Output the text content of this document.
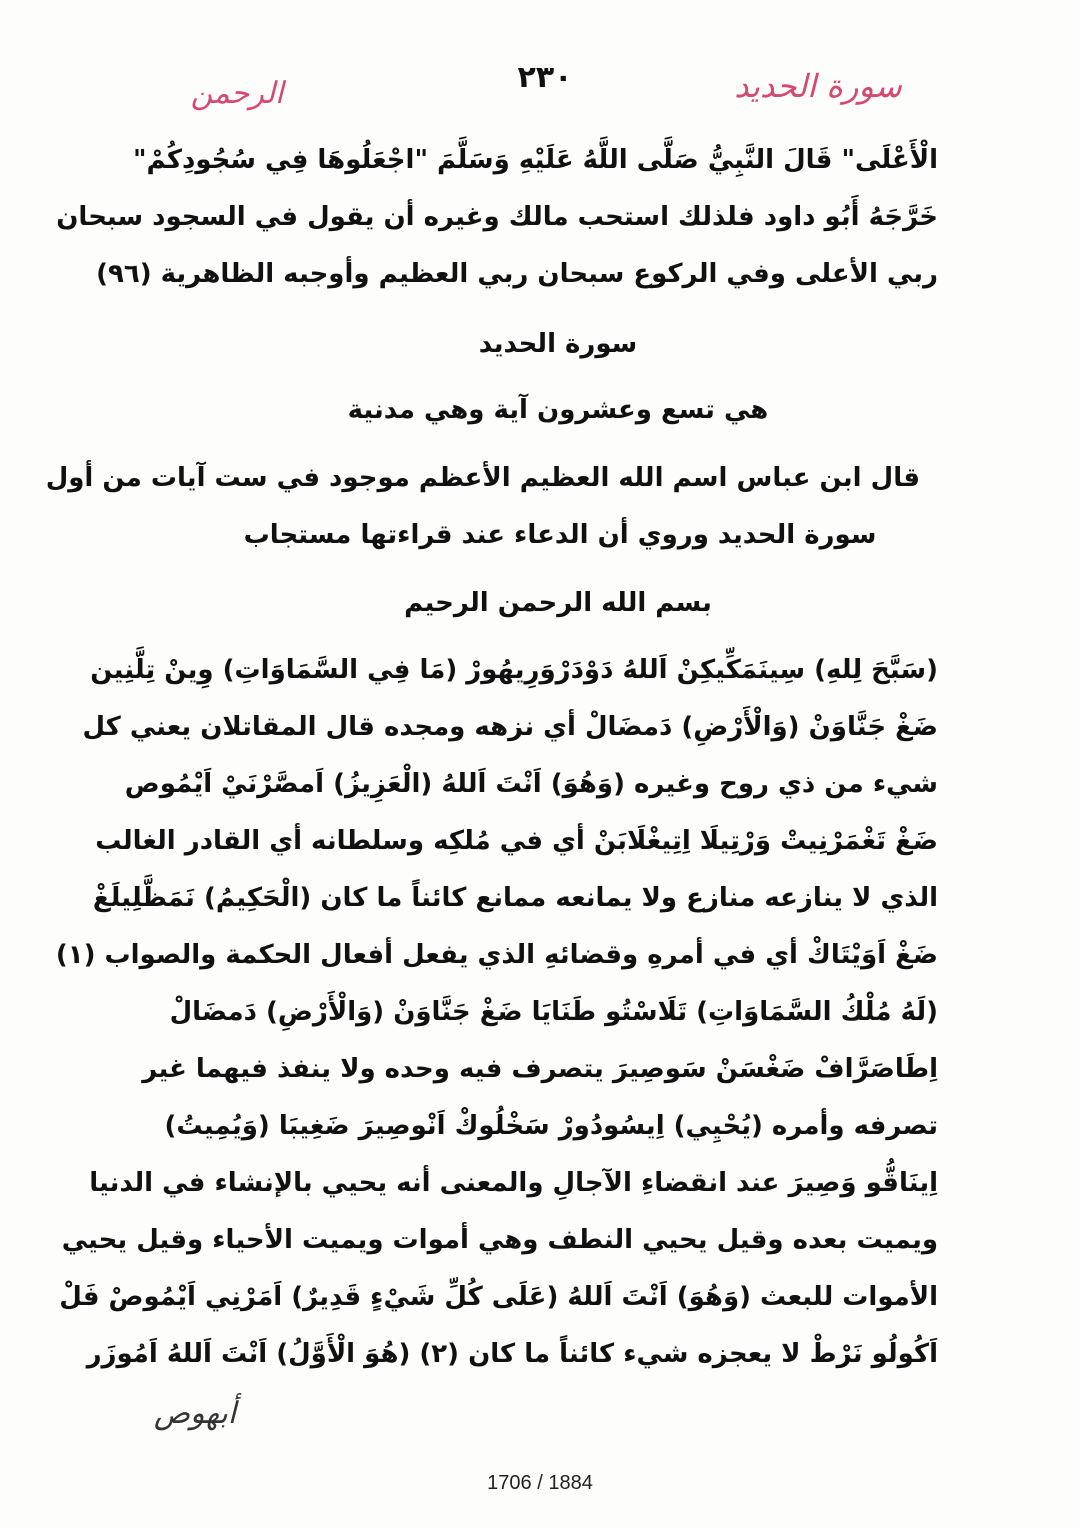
الرحمن	٢٣٠	سورة الحديد
الْأَعْلَى" قَالَ النَّبِيُّ صَلَّى اللَّهُ عَلَيْهِ وَسَلَّمَ "اجْعَلُوهَا فِي سُجُودِكُمْ"
خَرَّجَهُ أَبُو داود فلذلك استحب مالك وغيره أن يقول في السجود سبحان
ربي الأعلى وفي الركوع سبحان ربي العظيم وأوجبه الظاهرية (٩٦)
سورة الحديد
هي تسع وعشرون آية وهي مدنية
قال ابن عباس اسم الله العظيم الأعظم موجود في ست آيات من أول
سورة الحديد وروي أن الدعاء عند قراءتها مستجاب
بسم الله الرحمن الرحيم
(سَبَّحَ لِلهِ) سِينَمَكِّيكِنْ اَللهُ دَوْدَرْوَرِيهُورْ (مَا فِي السَّمَاوَاتِ) وِينْ تِلَّنِين
ضَغْ جَنَّاوَنْ (وَالْأَرْضِ) دَمضَالْ أي نزهه ومجده قال المقاتلان يعني كل
شيء من ذي روح وغيره (وَهُوَ) اَنْتَ اَللهُ (الْعَزِيزُ) اَمصَّرْنَيْ اَيْمُوص
ضَغْ تَغْمَرْنِيتْ وَرْتِيلَا اِتِيغْلَابَنْ أي في مُلكِه وسلطانه أي القادر الغالب
الذي لا ينازعه منازع ولا يمانعه ممانع كائناً ما كان (الْحَكِيمُ) نَمَظَّلِيلَغْ
ضَغْ اَوَيْتَاكْ أي في أمرهِ وقضائهِ الذي يفعل أفعال الحكمة والصواب (١)
(لَهُ مُلْكُ السَّمَاوَاتِ) تَلَاسْتُو طَنَايَا ضَغْ جَنَّاوَنْ (وَالْأَرْضِ) دَمضَالْ
اِطَاصَرَّافْ ضَغْسَنْ سَوصِيرَ يتصرف فيه وحده ولا ينفذ فيهما غير
تصرفه وأمره (يُحْيِي) اِيسُودُورْ سَخْلُوكْ اَنْوصِيرَ ضَغِيبَا (وَيُمِيتُ)
اِينَاقُّو وَصِيرَ عند انقضاءِ الآجالِ والمعنى أنه يحيي بالإنشاء في الدنيا
ويميت بعده وقيل يحيي النطف وهي أموات ويميت الأحياء وقيل يحيي
الأموات للبعث (وَهُوَ) اَنْتَ اَللهُ (عَلَى كُلِّ شَيْءٍ قَدِيرٌ) اَمَرْنِي اَيْمُوصْ فَلْ
اَكُولُو نَرْطْ لا يعجزه شيء كائناً ما كان (٢) (هُوَ الْأَوَّلُ) اَنْتَ اَللهُ اَمُوزَر
أبهوص
1706 / 1884
